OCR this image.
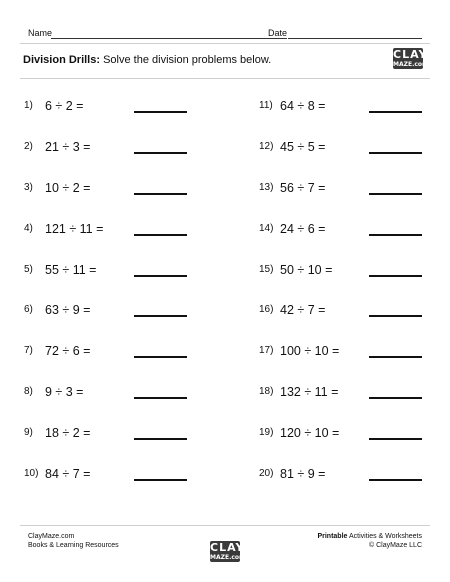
Name	Date
Division Drills: Solve the division problems below.	CLAY
MAZE.com
1) 6 ÷ 2 =
2) 21 ÷ 3 =
3) 10 ÷ 2 =
4) 121 ÷ 11 =
5) 55 ÷ 11 =
6) 63 ÷ 9 =
7) 72 ÷ 6 =
8) 9 ÷ 3 =
9) 18 ÷ 2 =
10) 84 ÷ 7 =
11) 64 ÷ 8 =
12) 45 ÷ 5 =
13) 56 ÷ 7 =
14) 24 ÷ 6 =
15) 50 ÷ 10 =
16) 42 ÷ 7 =
17) 100 ÷ 10 =
18) 132 ÷ 11 =
19) 120 ÷ 10 =
20) 81 ÷ 9 =
ClayMaze.com
Books & Learning Resources	CLAY
MAZE.com
Printable Activities & Worksheets
© ClayMaze LLC
